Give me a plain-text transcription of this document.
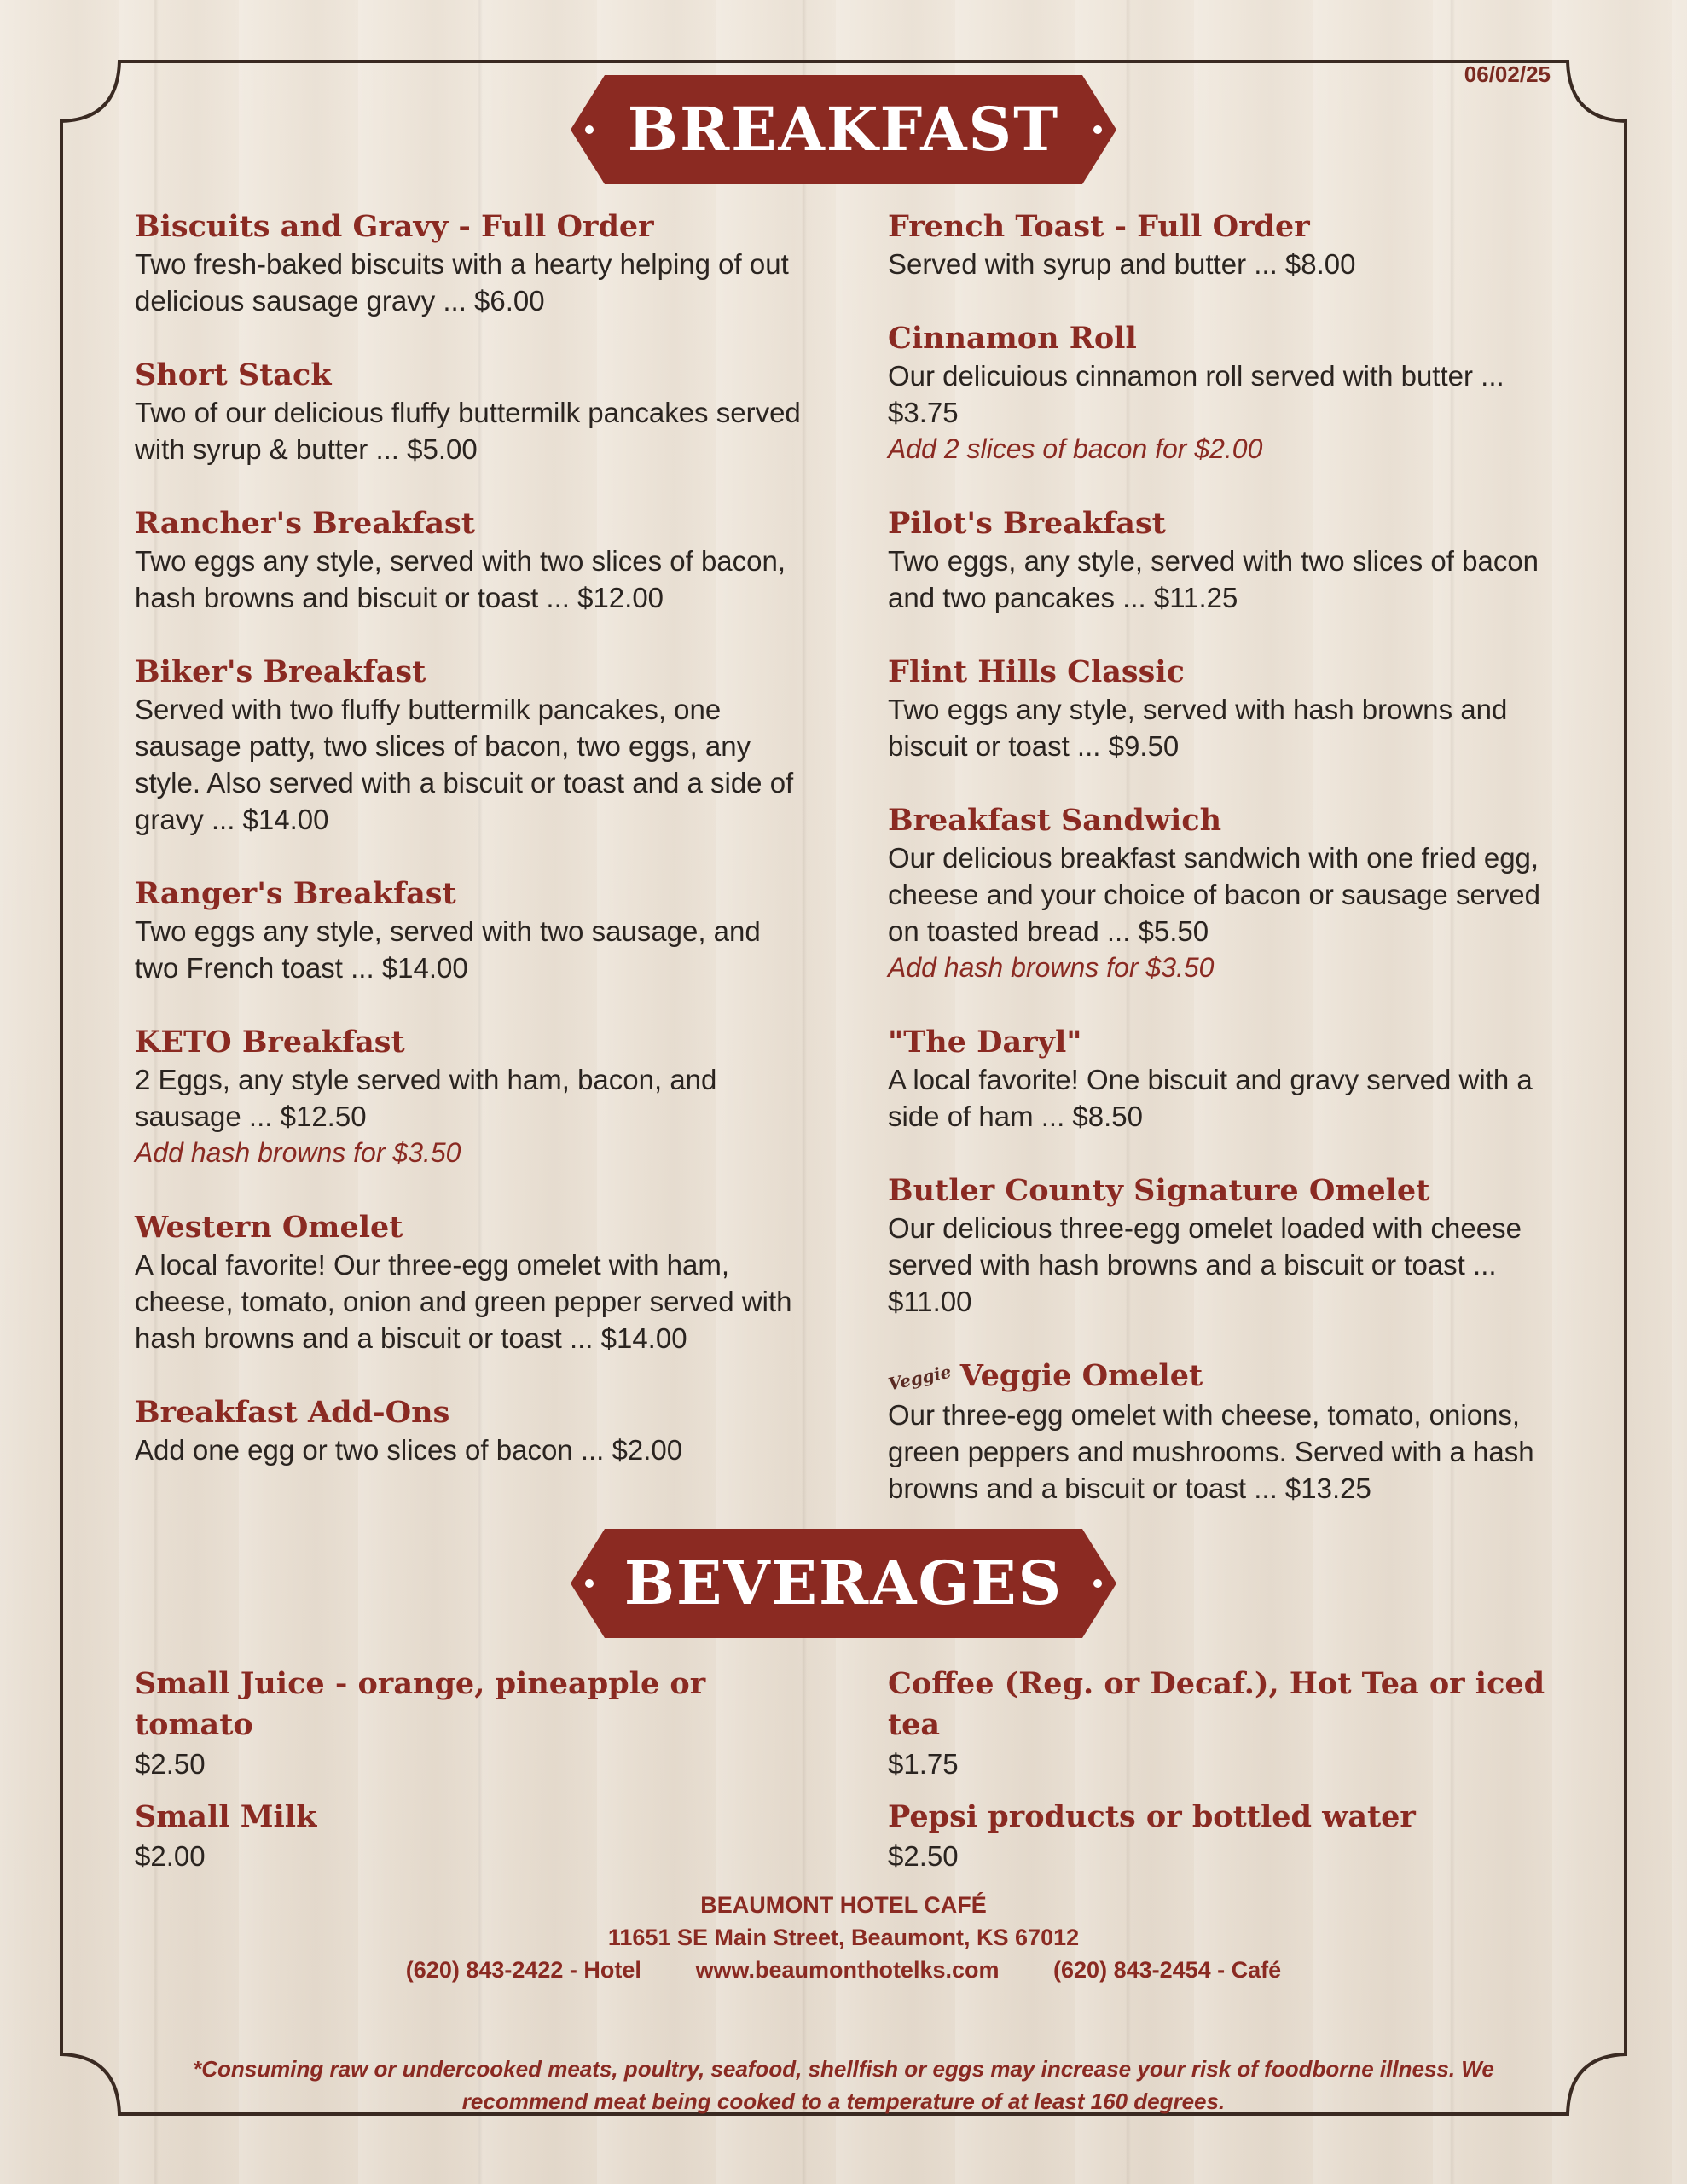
06/02/25
BREAKFAST
Biscuits and Gravy - Full Order
Two fresh-baked biscuits with a hearty helping of out delicious sausage gravy ... $6.00
Short Stack
Two of our delicious fluffy buttermilk pancakes served with syrup & butter ... $5.00
Rancher's Breakfast
Two eggs any style, served with two slices of bacon, hash browns and biscuit or toast ... $12.00
Biker's Breakfast
Served with two fluffy buttermilk pancakes, one sausage patty, two slices of bacon, two eggs, any style. Also served with a biscuit or toast and a side of gravy ... $14.00
Ranger's Breakfast
Two eggs any style, served with two sausage, and two French toast ... $14.00
KETO Breakfast
2 Eggs, any style served with ham, bacon, and sausage ... $12.50
Add hash browns for $3.50
Western Omelet
A local favorite! Our three-egg omelet with ham, cheese, tomato, onion and green pepper served with hash browns and a biscuit or toast ... $14.00
Breakfast Add-Ons
Add one egg or two slices of bacon ... $2.00
French Toast - Full Order
Served with syrup and butter ... $8.00
Cinnamon Roll
Our delicuious cinnamon roll served with butter ... $3.75
Add 2 slices of bacon for $2.00
Pilot's Breakfast
Two eggs, any style, served with two slices of bacon and two pancakes ... $11.25
Flint Hills Classic
Two eggs any style, served with hash browns and biscuit or toast ... $9.50
Breakfast Sandwich
Our delicious breakfast sandwich with one fried egg, cheese and your choice of bacon or sausage served on toasted bread ... $5.50
Add hash browns for $3.50
"The Daryl"
A local favorite! One biscuit and gravy served with a side of ham ... $8.50
Butler County Signature Omelet
Our delicious three-egg omelet loaded with cheese served with hash browns and a biscuit or toast ... $11.00
Veggie Veggie Omelet
Our three-egg omelet with cheese, tomato, onions, green peppers and mushrooms. Served with a hash browns and a biscuit or toast ... $13.25
BEVERAGES
Small Juice - orange, pineapple or tomato
$2.50
Small Milk
$2.00
Coffee (Reg. or Decaf.), Hot Tea or iced tea
$1.75
Pepsi products or bottled water
$2.50
BEAUMONT HOTEL CAFÉ
11651 SE Main Street, Beaumont, KS 67012
(620) 843-2422 - Hotel www.beaumonthotelks.com (620) 843-2454 - Café
*Consuming raw or undercooked meats, poultry, seafood, shellfish or eggs may increase your risk of foodborne illness. We recommend meat being cooked to a temperature of at least 160 degrees.
